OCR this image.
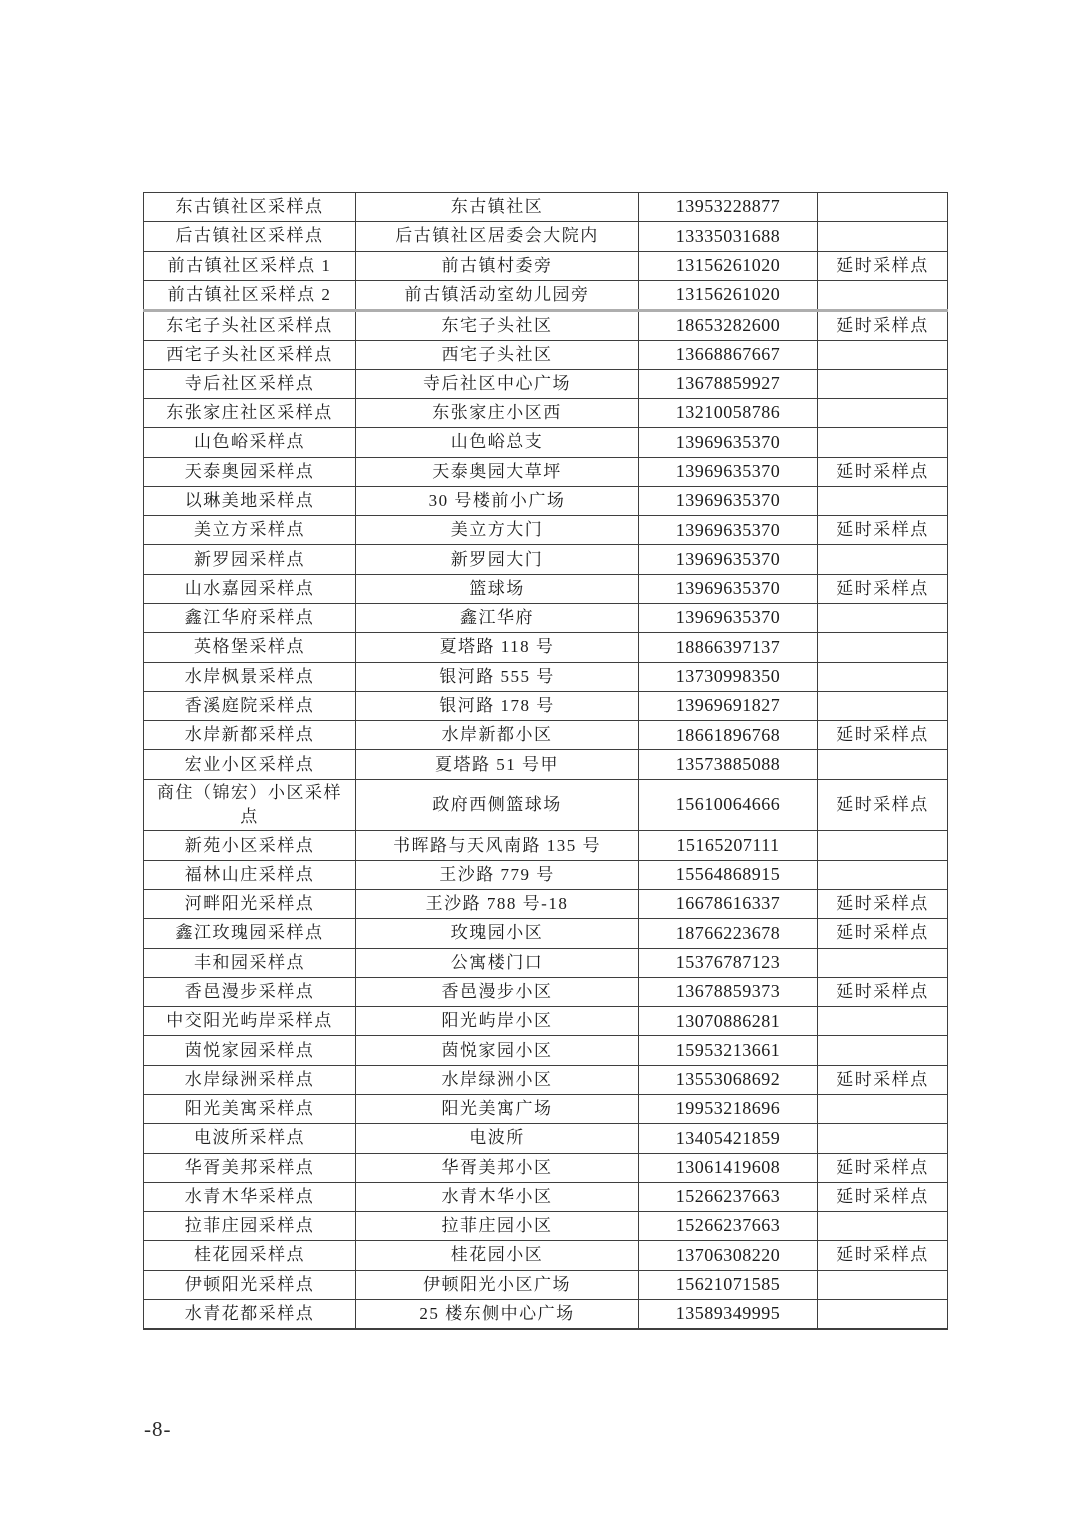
东古镇社区采样点	东古镇社区	13953228877	
后古镇社区采样点	后古镇社区居委会大院内	13335031688	
前古镇社区采样点 1	前古镇村委旁	13156261020	延时采样点
前古镇社区采样点 2	前古镇活动室幼儿园旁	13156261020	
东宅子头社区采样点	东宅子头社区	18653282600	延时采样点
西宅子头社区采样点	西宅子头社区	13668867667	
寺后社区采样点	寺后社区中心广场	13678859927	
东张家庄社区采样点	东张家庄小区西	13210058786	
山色峪采样点	山色峪总支	13969635370	
天泰奥园采样点	天泰奥园大草坪	13969635370	延时采样点
以琳美地采样点	30 号楼前小广场	13969635370	
美立方采样点	美立方大门	13969635370	延时采样点
新罗园采样点	新罗园大门	13969635370	
山水嘉园采样点	篮球场	13969635370	延时采样点
鑫江华府采样点	鑫江华府	13969635370	
英格堡采样点	夏塔路 118 号	18866397137	
水岸枫景采样点	银河路 555 号	13730998350	
香溪庭院采样点	银河路 178 号	13969691827	
水岸新都采样点	水岸新都小区	18661896768	延时采样点
宏业小区采样点	夏塔路 51 号甲	13573885088	
商住（锦宏）小区采样点	政府西侧篮球场	15610064666	延时采样点
新苑小区采样点	书晖路与天风南路 135 号	15165207111	
福林山庄采样点	王沙路 779 号	15564868915	
河畔阳光采样点	王沙路 788 号-18	16678616337	延时采样点
鑫江玫瑰园采样点	玫瑰园小区	18766223678	延时采样点
丰和园采样点	公寓楼门口	15376787123	
香邑漫步采样点	香邑漫步小区	13678859373	延时采样点
中交阳光屿岸采样点	阳光屿岸小区	13070886281	
茵悦家园采样点	茵悦家园小区	15953213661	
水岸绿洲采样点	水岸绿洲小区	13553068692	延时采样点
阳光美寓采样点	阳光美寓广场	19953218696	
电波所采样点	电波所	13405421859	
华胥美邦采样点	华胥美邦小区	13061419608	延时采样点
水青木华采样点	水青木华小区	15266237663	延时采样点
拉菲庄园采样点	拉菲庄园小区	15266237663	
桂花园采样点	桂花园小区	13706308220	延时采样点
伊顿阳光采样点	伊顿阳光小区广场	15621071585	
水青花都采样点	25 楼东侧中心广场	13589349995	
-8-
